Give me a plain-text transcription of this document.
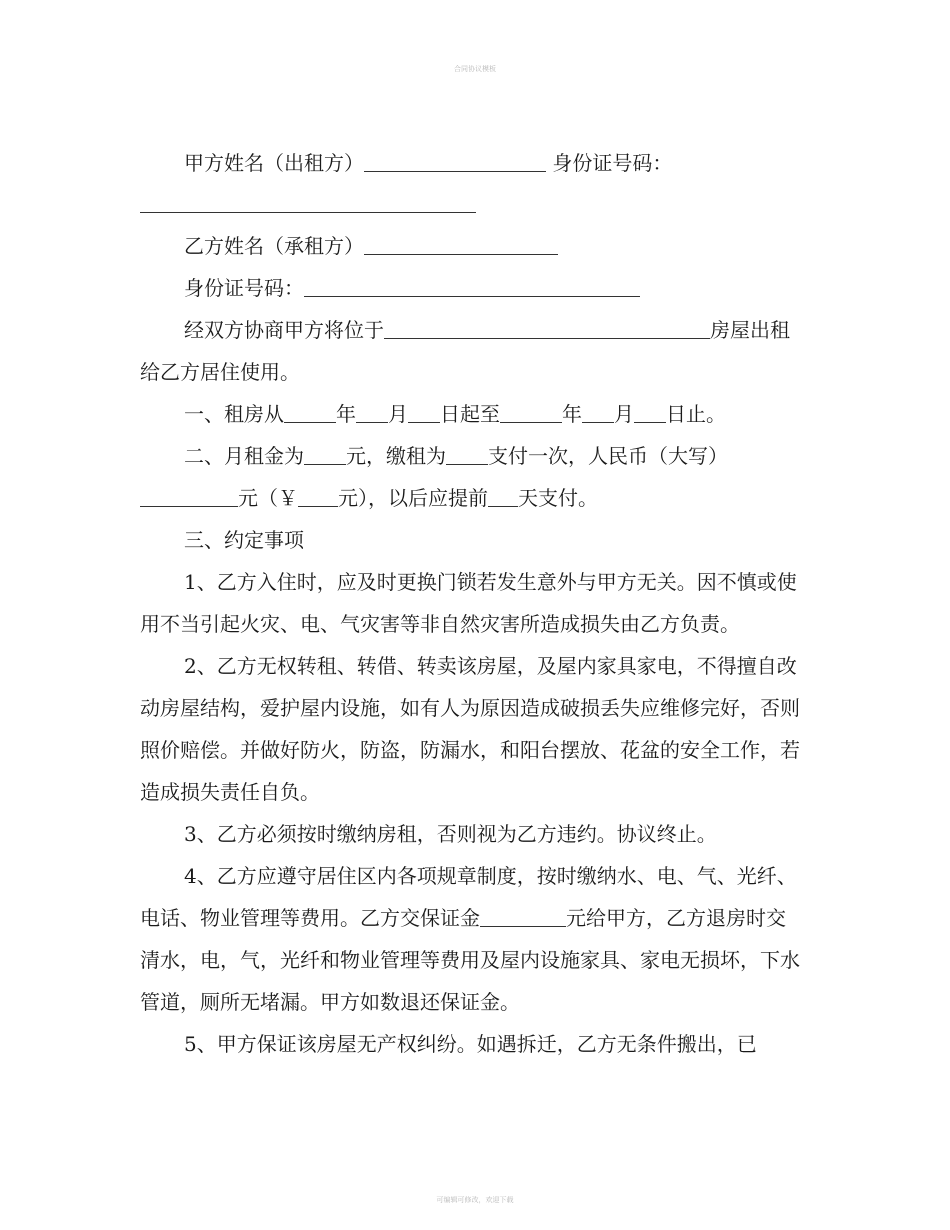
合同协议模板

甲方姓名（出租方）	身份证号码：

乙方姓名（承租方）

身份证号码：

经双方协商甲方将位于	房屋出租给乙方居住使用。

一、租房从	年 月 日起至	年 月 日止。

二、月租金为 元，缴租为 支付一次，人民币（大写）元（￥ 元），以后应提前 天支付。

三、约定事项

1、乙方入住时，应及时更换门锁若发生意外与甲方无关。因不慎或使用不当引起火灾、电、气灾害等非自然灾害所造成损失由乙方负责。

2、乙方无权转租、转借、转卖该房屋，及屋内家具家电，不得擅自改动房屋结构，爱护屋内设施，如有人为原因造成破损丢失应维修完好，否则照价赔偿。并做好防火，防盗，防漏水，和阳台摆放、花盆的安全工作，若造成损失责任自负。

3、乙方必须按时缴纳房租，否则视为乙方违约。协议终止。

4、乙方应遵守居住区内各项规章制度，按时缴纳水、电、气、光纤、电话、物业管理等费用。乙方交保证金	元给甲方，乙方退房时交清水，电，气，光纤和物业管理等费用及屋内设施家具、家电无损坏，下水管道，厕所无堵漏。甲方如数退还保证金。

5、甲方保证该房屋无产权纠纷。如遇拆迁，乙方无条件搬出，已

可编辑可修改，欢迎下载
